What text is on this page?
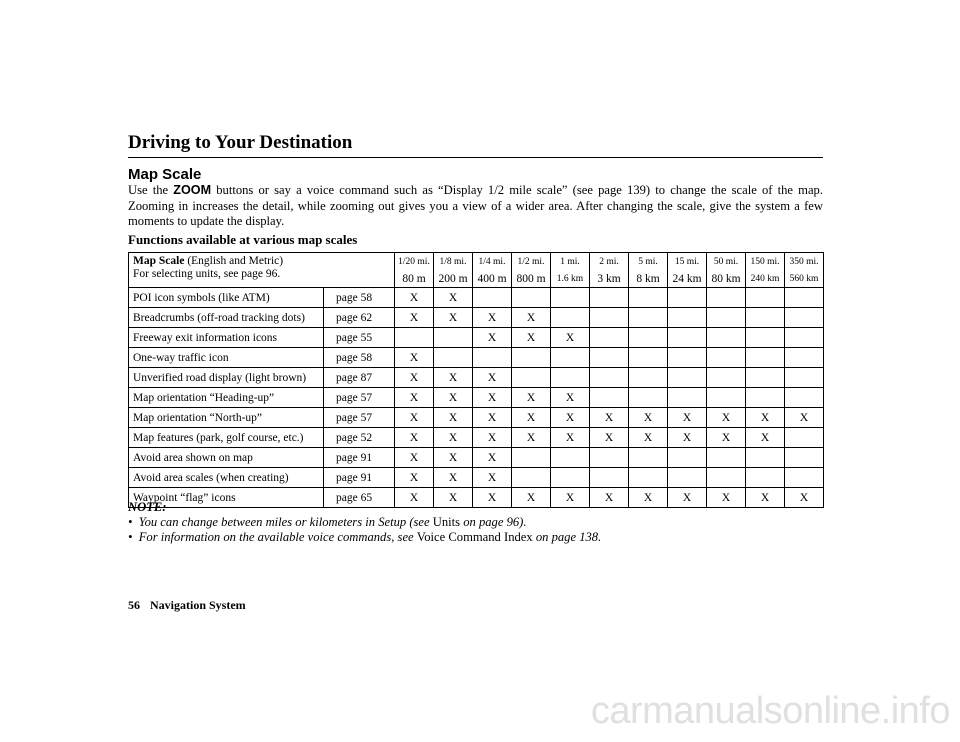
Driving to Your Destination
Map Scale

Use the ZOOM buttons or say a voice command such as “Display 1/2 mile scale” (see page 139) to change the scale of the map. Zooming in increases the detail, while zooming out gives you a view of a wider area. After changing the scale, give the system a few moments to update the display.

Functions available at various map scales
Map Scale (English and Metric)
For selecting units, see page 96.		1/20 mi.	1/8 mi.	1/4 mi.	1/2 mi.	1 mi.	2 mi.	5 mi.	15 mi.	50 mi.	150 mi.	350 mi.
		80 m	200 m	400 m	800 m	1.6 km	3 km	8 km	24 km	80 km	240 km	560 km
POI icon symbols (like ATM)	page 58	X	X									
Breadcrumbs (off-road tracking dots)	page 62	X	X	X	X							
Freeway exit information icons	page 55			X	X	X						
One-way traffic icon	page 58	X										
Unverified road display (light brown)	page 87	X	X	X								
Map orientation “Heading-up”	page 57	X	X	X	X	X						
Map orientation “North-up”	page 57	X	X	X	X	X	X	X	X	X	X	X
Map features (park, golf course, etc.)	page 52	X	X	X	X	X	X	X	X	X	X	
Avoid area shown on map	page 91	X	X	X								
Avoid area scales (when creating)	page 91	X	X	X								
Waypoint “flag” icons	page 65	X	X	X	X	X	X	X	X	X	X	X
NOTE:
•  You can change between miles or kilometers in Setup (see Units on page 96).
•  For information on the available voice commands, see Voice Command Index on page 138.
56 Navigation System
carmanualsonline.info
